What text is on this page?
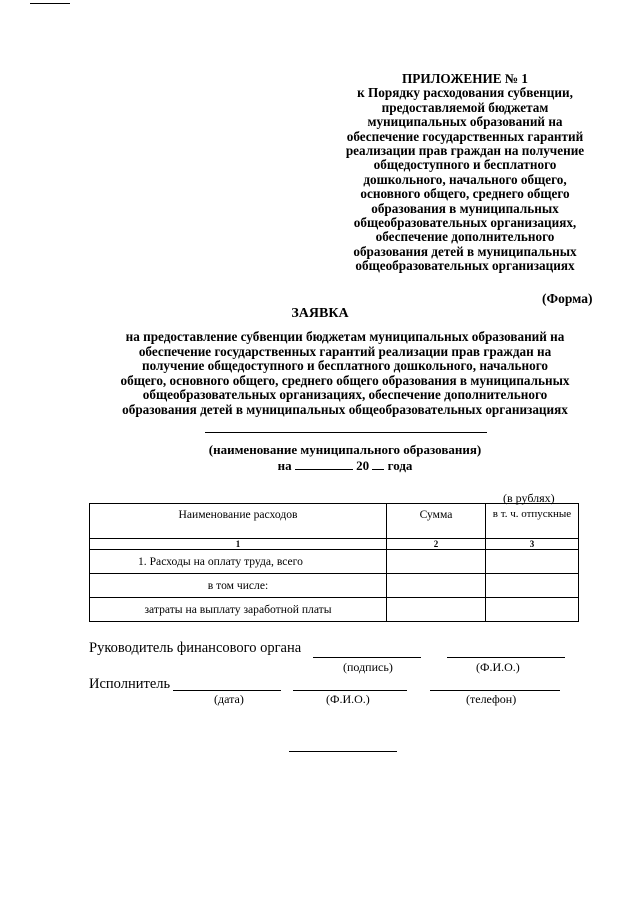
ПРИЛОЖЕНИЕ № 1
к Порядку расходования субвенции,
предоставляемой бюджетам
муниципальных образований на
обеспечение государственных гарантий
реализации прав граждан на получение
общедоступного и бесплатного
дошкольного, начального общего,
основного общего, среднего общего
образования в муниципальных
общеобразовательных организациях,
обеспечение дополнительного
образования детей в муниципальных
общеобразовательных организациях
(Форма)
ЗАЯВКА
на предоставление субвенции бюджетам муниципальных образований на
обеспечение государственных гарантий реализации прав граждан на
получение общедоступного и бесплатного дошкольного, начального
общего, основного общего, среднего общего образования в муниципальных
общеобразовательных организациях, обеспечение дополнительного
образования детей в муниципальных общеобразовательных организациях
(наименование муниципального образования)
на	20 года
(в рублях)
Наименование расходов	Сумма	в т. ч. отпускные
1	2	3
1. Расходы на оплату труда, всего		
в том числе:		
затраты на выплату заработной платы		
Руководитель финансового органа
(подпись)	(Ф.И.О.)
Исполнитель
(дата)	(Ф.И.О.)	(телефон)
